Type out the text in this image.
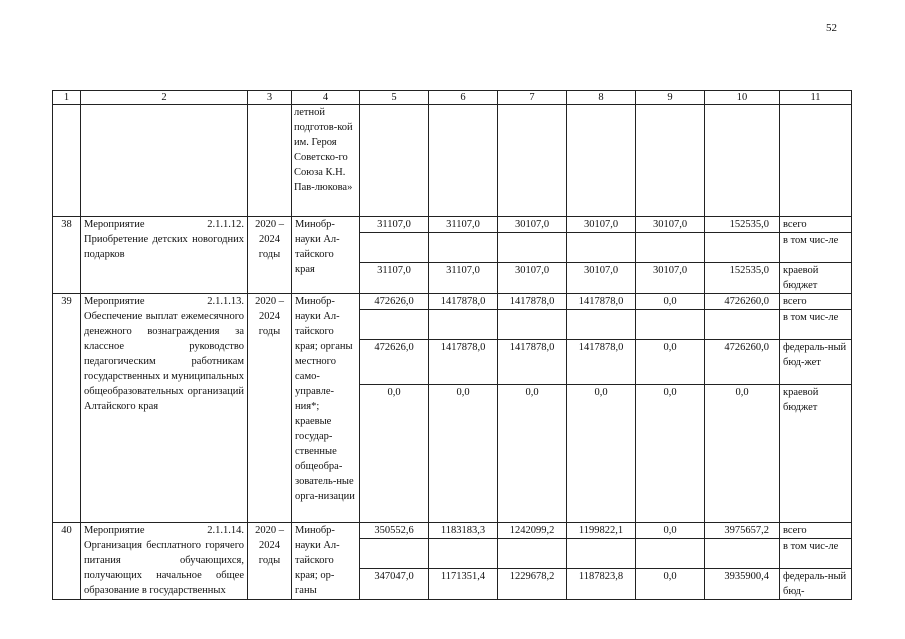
52
1	2	3	4	5	6	7	8	9	10	11
			летной подготов-кой им. Героя Советско-го Союза К.Н. Пав-люкова»							
38	Мероприятие 2.1.1.12. Приобретение детских новогодних подарков	2020 – 2024 годы	Минобр-науки Ал-тайского края	31107,0	31107,0	30107,0	30107,0	30107,0	152535,0	всего
										в том чис-ле
				31107,0	31107,0	30107,0	30107,0	30107,0	152535,0	краевой бюджет
39	Мероприятие 2.1.1.13. Обеспечение выплат ежемесячного денежного вознаграждения за классное руководство педагогическим работникам государственных и муниципальных общеобразовательных организаций Алтайского края	2020 – 2024 годы	Минобр-науки Ал-тайского края; органы местного само-управле-ния*; краевые государ-ственные общеобра-зователь-ные орга-низации	472626,0	1417878,0	1417878,0	1417878,0	0,0	4726260,0	всего
										в том чис-ле
				472626,0	1417878,0	1417878,0	1417878,0	0,0	4726260,0	федераль-ный бюд-жет
				0,0	0,0	0,0	0,0	0,0	0,0	краевой бюджет
40	Мероприятие 2.1.1.14. Организация бесплатного горячего питания обучающихся, получающих начальное общее образование в государственных	2020 – 2024 годы	Минобр-науки Ал-тайского края; ор-ганы	350552,6	1183183,3	1242099,2	1199822,1	0,0	3975657,2	всего
										в том чис-ле
				347047,0	1171351,4	1229678,2	1187823,8	0,0	3935900,4	федераль-ный бюд-
